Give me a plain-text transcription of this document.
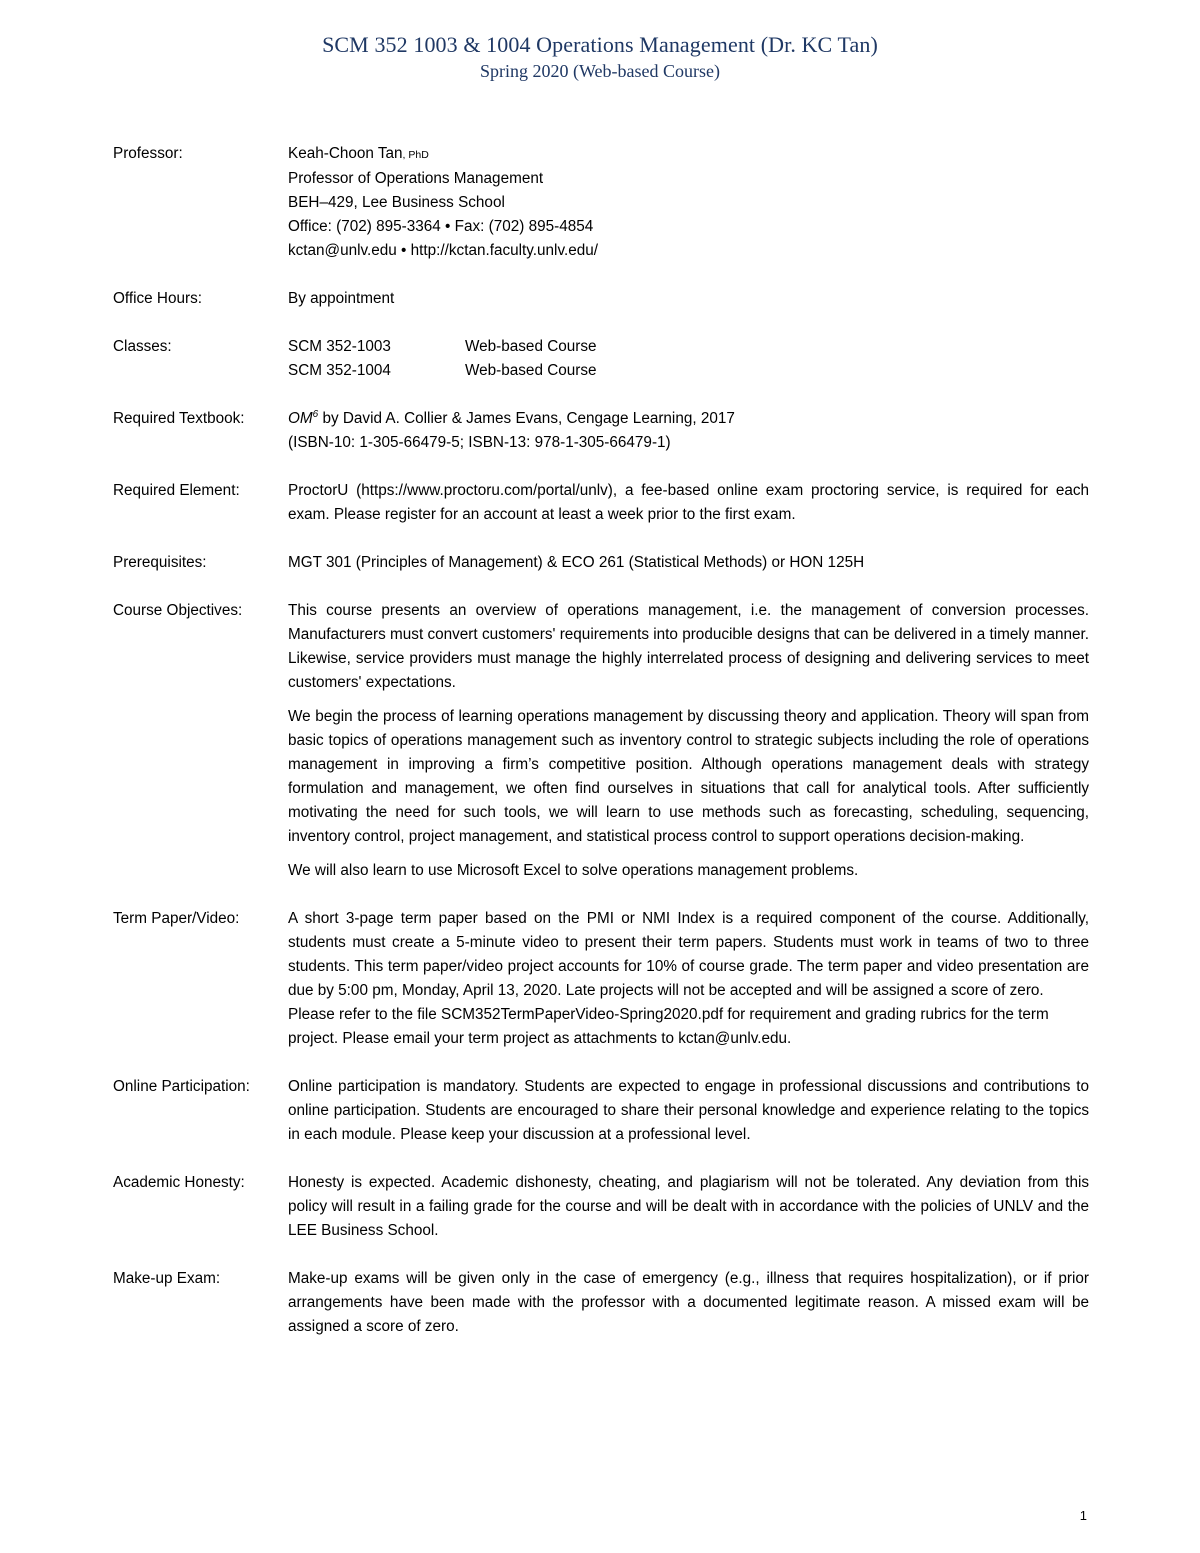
SCM 352 1003 & 1004 Operations Management (Dr. KC Tan)
Spring 2020 (Web-based Course)
Professor:	Keah-Choon Tan, PhD
Professor of Operations Management
BEH–429, Lee Business School
Office: (702) 895-3364 • Fax: (702) 895-4854
kctan@unlv.edu • http://kctan.faculty.unlv.edu/
Office Hours:	By appointment
Classes:	SCM 352-1003	Web-based Course
SCM 352-1004	Web-based Course
Required Textbook:	$OM^6$ by David A. Collier & James Evans, Cengage Learning, 2017
(ISBN-10: 1-305-66479-5; ISBN-13: 978-1-305-66479-1)
Required Element:	ProctorU (https://www.proctoru.com/portal/unlv), a fee-based online exam proctoring service, is required for each exam. Please register for an account at least a week prior to the first exam.
Prerequisites:	MGT 301 (Principles of Management) & ECO 261 (Statistical Methods) or HON 125H
Course Objectives:	This course presents an overview of operations management, i.e. the management of conversion processes. Manufacturers must convert customers' requirements into producible designs that can be delivered in a timely manner. Likewise, service providers must manage the highly interrelated process of designing and delivering services to meet customers' expectations.

We begin the process of learning operations management by discussing theory and application. Theory will span from basic topics of operations management such as inventory control to strategic subjects including the role of operations management in improving a firm’s competitive position. Although operations management deals with strategy formulation and management, we often find ourselves in situations that call for analytical tools. After sufficiently motivating the need for such tools, we will learn to use methods such as forecasting, scheduling, sequencing, inventory control, project management, and statistical process control to support operations decision-making.

We will also learn to use Microsoft Excel to solve operations management problems.

Term Paper/Video:	A short 3-page term paper based on the PMI or NMI Index is a required component of the course. Additionally, students must create a 5-minute video to present their term papers. Students must work in teams of two to three students. This term paper/video project accounts for 10% of course grade. The term paper and video presentation are due by 5:00 pm, Monday, April 13, 2020. Late projects will not be accepted and will be assigned a score of zero.
Please refer to the file SCM352TermPaperVideo-Spring2020.pdf for requirement and grading rubrics for the term project. Please email your term project as attachments to kctan@unlv.edu.
Online Participation:	Online participation is mandatory. Students are expected to engage in professional discussions and contributions to online participation. Students are encouraged to share their personal knowledge and experience relating to the topics in each module. Please keep your discussion at a professional level.
Academic Honesty:	Honesty is expected. Academic dishonesty, cheating, and plagiarism will not be tolerated. Any deviation from this policy will result in a failing grade for the course and will be dealt with in accordance with the policies of UNLV and the LEE Business School.
Make-up Exam:	Make-up exams will be given only in the case of emergency (e.g., illness that requires hospitalization), or if prior arrangements have been made with the professor with a documented legitimate reason. A missed exam will be assigned a score of zero.
1
